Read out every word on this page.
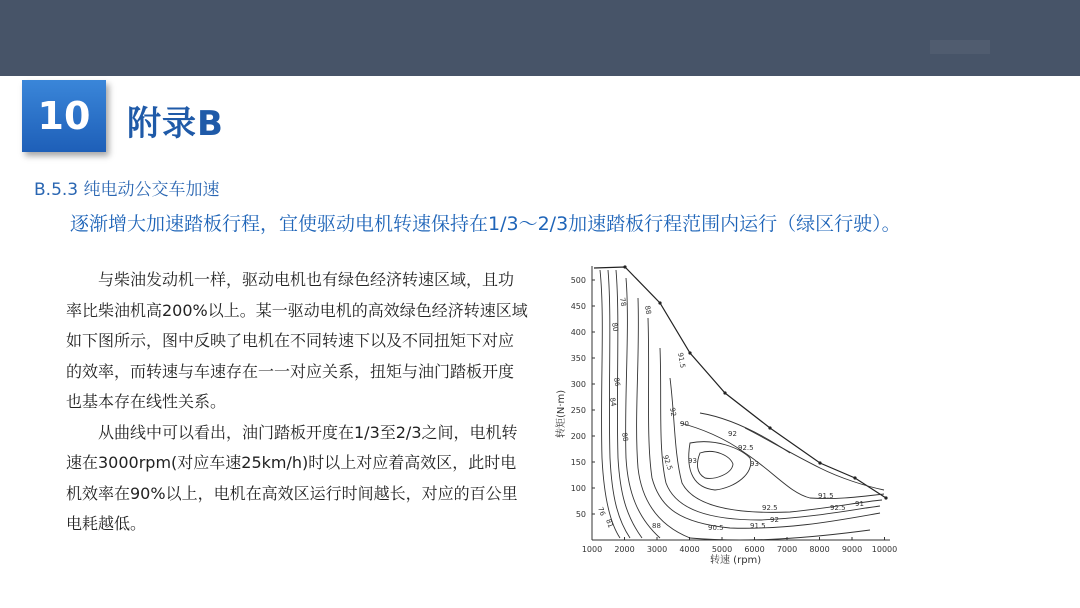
10	附录B
B.5.3 纯电动公交车加速
逐渐增大加速踏板行程，宜使驱动电机转速保持在1/3～2/3加速踏板行程范围内运行（绿区行驶）。

与柴油发动机一样，驱动电机也有绿色经济转速区域，且功率比柴油机高200%以上。某一驱动电机的高效绿色经济转速区域如下图所示，图中反映了电机在不同转速下以及不同扭矩下对应的效率，而转速与车速存在一一对应关系，扭矩与油门踏板开度也基本存在线性关系。

从曲线中可以看出，油门踏板开度在1/3至2/3之间，电机转速在3000rpm(对应车速25km/h)时以上对应着高效区，此时电机效率在90%以上，电机在高效区运行时间越长，对应的百公里电耗越低。	50
100
150
200
250
300
350
400
450
500
1000 2000 3000 4000 5000 6000 7000 8000 9000 10000
转速 (rpm)
转矩(N·m)
88
91.5
92
90
92.5 93	93
92.5
92
92.5
91.5
92.5 91
78
80
84
86
88
88	90.5	91.5
92
76
81
